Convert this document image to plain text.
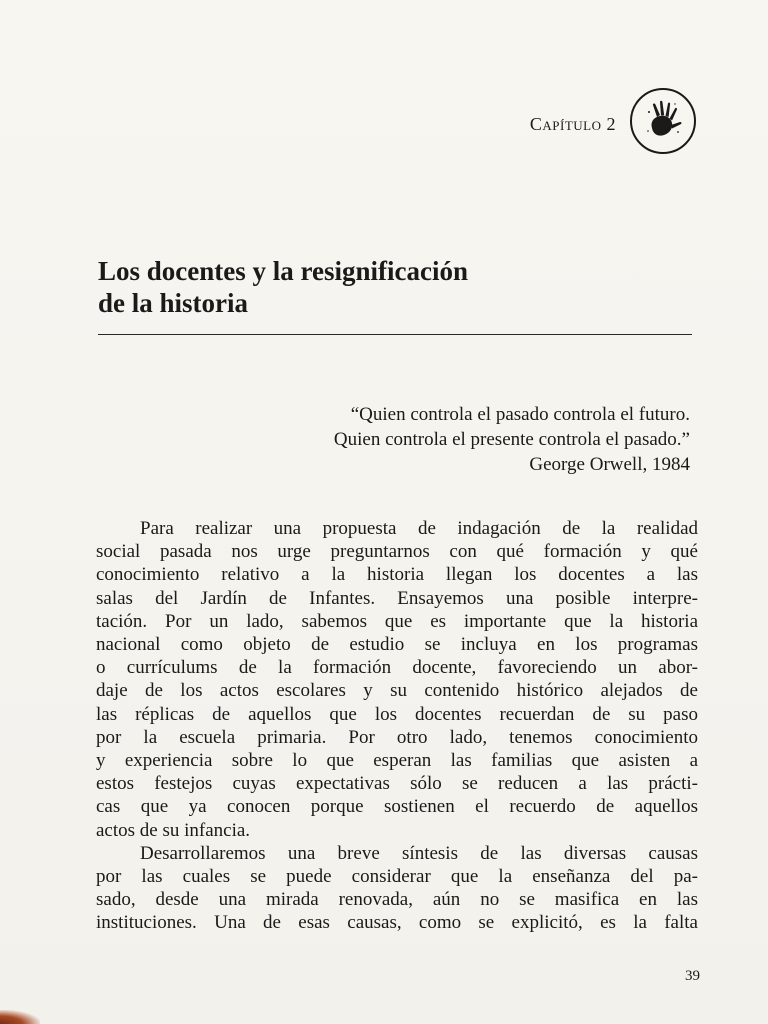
Capítulo 2
Los docentes y la resignificación
de la historia
“Quien controla el pasado controla el futuro.
Quien controla el presente controla el pasado.”
George Orwell, 1984
Para realizar una propuesta de indagación de la realidad
social pasada nos urge preguntarnos con qué formación y qué
conocimiento relativo a la historia llegan los docentes a las
salas del Jardín de Infantes. Ensayemos una posible interpre-
tación. Por un lado, sabemos que es importante que la historia
nacional como objeto de estudio se incluya en los programas
o currículums de la formación docente, favoreciendo un abor-
daje de los actos escolares y su contenido histórico alejados de
las réplicas de aquellos que los docentes recuerdan de su paso
por la escuela primaria. Por otro lado, tenemos conocimiento
y experiencia sobre lo que esperan las familias que asisten a
estos festejos cuyas expectativas sólo se reducen a las prácti-
cas que ya conocen porque sostienen el recuerdo de aquellos
actos de su infancia.
Desarrollaremos una breve síntesis de las diversas causas
por las cuales se puede considerar que la enseñanza del pa-
sado, desde una mirada renovada, aún no se masifica en las
instituciones. Una de esas causas, como se explicitó, es la falta
39
